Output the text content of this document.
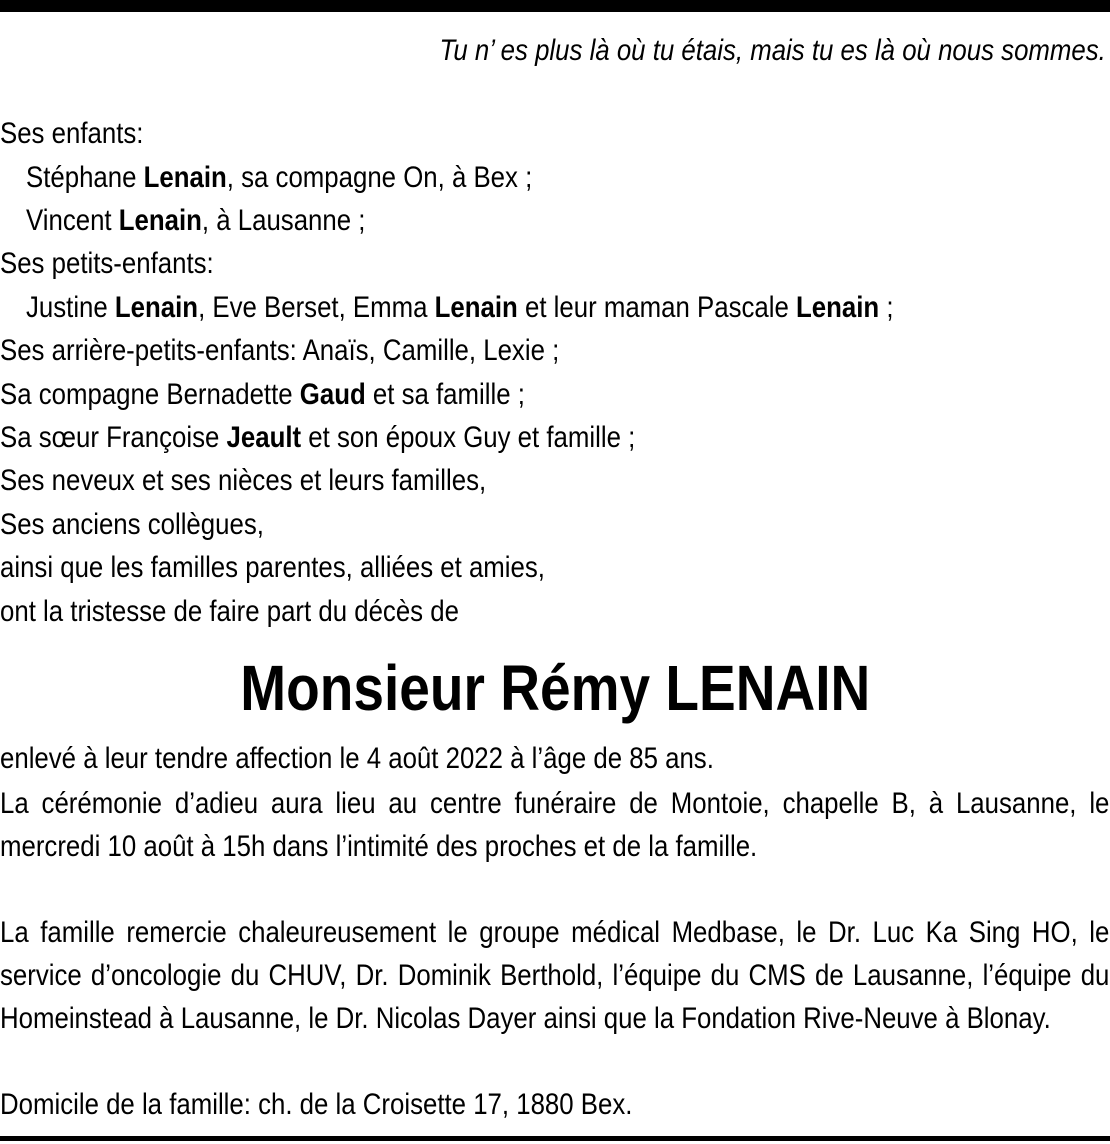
Tu n’ es plus là où tu étais, mais tu es là où nous sommes.
Ses enfants:
Stéphane Lenain, sa compagne On, à Bex ;
Vincent Lenain, à Lausanne ;
Ses petits-enfants:
Justine Lenain, Eve Berset, Emma Lenain et leur maman Pascale Lenain ;
Ses arrière-petits-enfants: Anaïs, Camille, Lexie ;
Sa compagne Bernadette Gaud et sa famille ;
Sa sœur Françoise Jeault et son époux Guy et famille ;
Ses neveux et ses nièces et leurs familles,
Ses anciens collègues,
ainsi que les familles parentes, alliées et amies,
ont la tristesse de faire part du décès de
Monsieur Rémy LENAIN
enlevé à leur tendre affection le 4 août 2022 à l’âge de 85 ans.
La cérémonie d’adieu aura lieu au centre funéraire de Montoie, chapelle B, à Lausanne, le mercredi 10 août à 15h dans l’intimité des proches et de la famille.
La famille remercie chaleureusement le groupe médical Medbase, le Dr. Luc Ka Sing HO, le service d’oncologie du CHUV, Dr. Dominik Berthold, l’équipe du CMS de Lausanne, l’équipe du Homeinstead à Lausanne, le Dr. Nicolas Dayer ainsi que la Fondation Rive-Neuve à Blonay.
Domicile de la famille: ch. de la Croisette 17, 1880 Bex.
